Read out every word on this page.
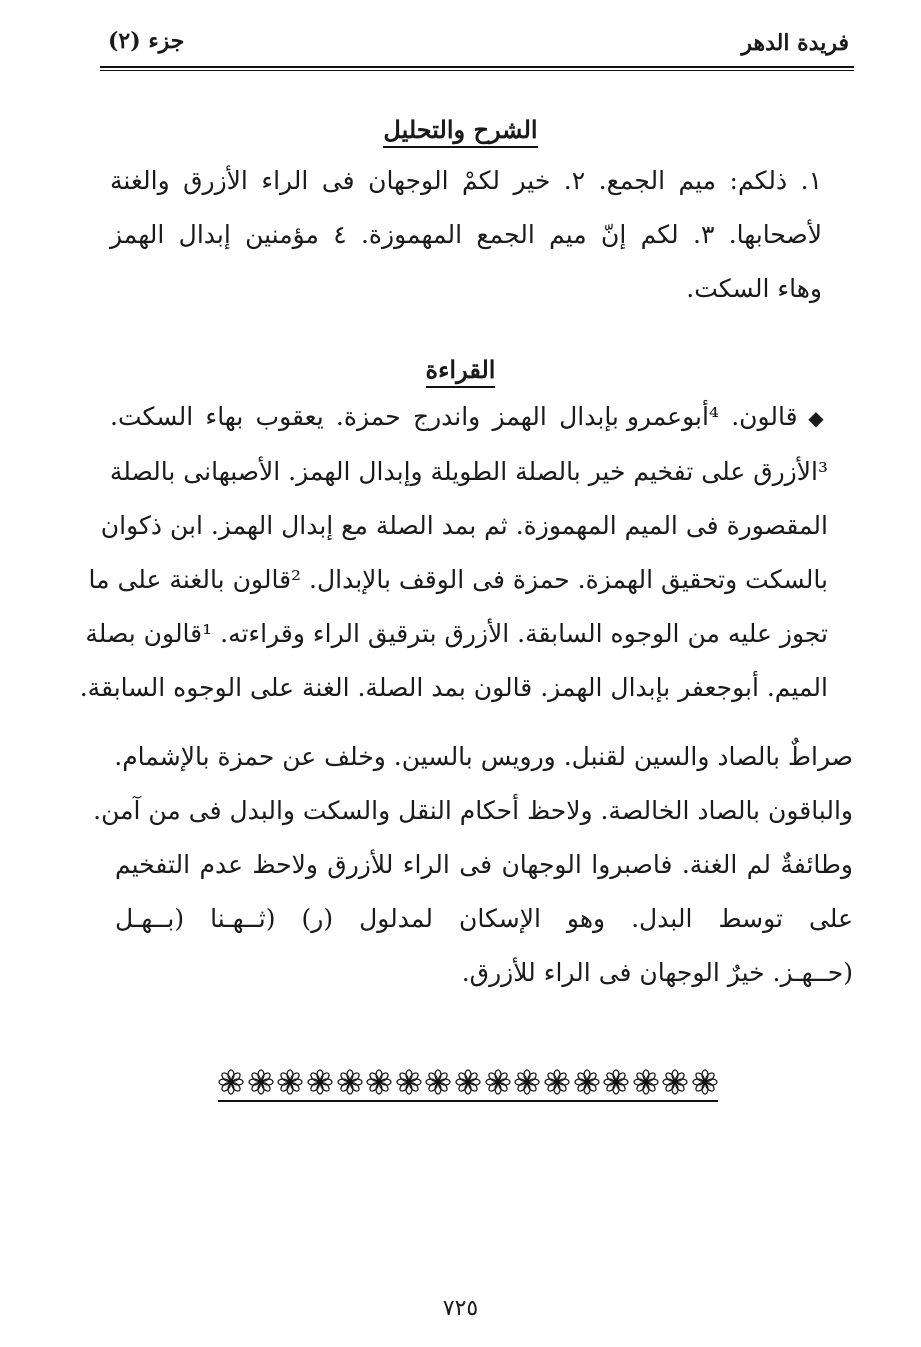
فريدة الدهر
جزء (٢)
الشرح والتحليل
١. ذلكم: ميم الجمع. ٢. خير لكمْ الوجهان فى الراء الأزرق والغنة
لأصحابها. ٣. لكم إنّ ميم الجمع المهموزة. ٤ مؤمنين إبدال الهمز
وهاء السكت.
القراءة
◆ قالون. ⁴أبوعمرو بإبدال الهمز واندرج حمزة. يعقوب بهاء السكت.
³الأزرق على تفخيم خير بالصلة الطويلة وإبدال الهمز. الأصبهانى بالصلة
المقصورة فى الميم المهموزة. ثم بمد الصلة مع إبدال الهمز. ابن ذكوان
بالسكت وتحقيق الهمزة. حمزة فى الوقف بالإبدال. ²قالون بالغنة على ما
تجوز عليه من الوجوه السابقة. الأزرق بترقيق الراء وقراءته. ¹قالون بصلة
الميم. أبوجعفر بإبدال الهمز. قالون بمد الصلة. الغنة على الوجوه السابقة.
صراطٌ بالصاد والسين لقنبل. ورويس بالسين. وخلف عن حمزة بالإشمام.
والباقون بالصاد الخالصة. ولاحظ أحكام النقل والسكت والبدل فى من آمن.
وطائفةٌ لم الغنة. فاصبروا الوجهان فى الراء للأزرق ولاحظ عدم التفخيم
على توسط البدل. وهو الإسكان لمدلول (ر) (ثــهـنا (بــهـل
(حــهـز. خيرٌ الوجهان فى الراء للأزرق.
٧٢٥
